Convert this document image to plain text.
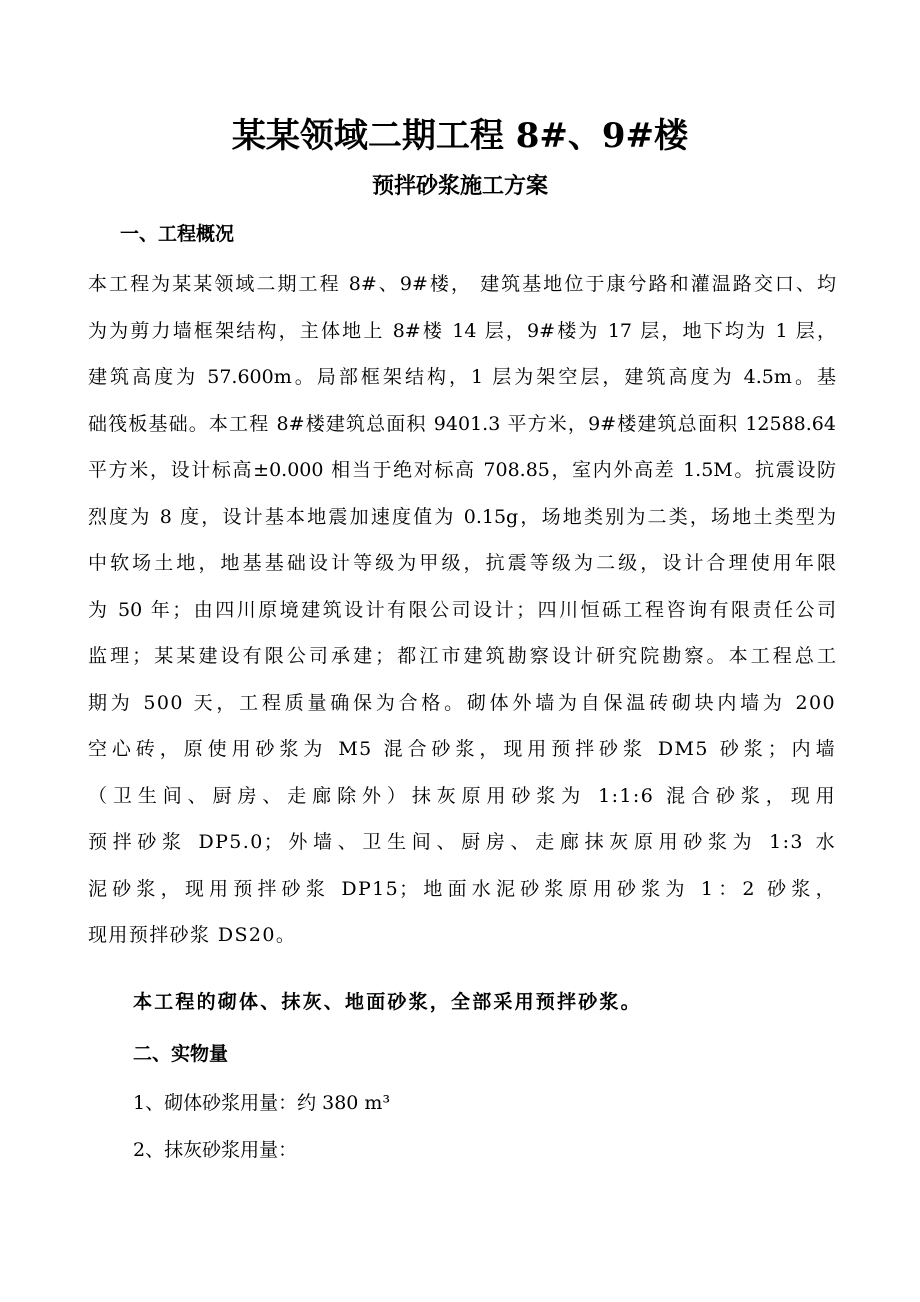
某某领域二期工程 8#、9#楼
预拌砂浆施工方案
一、工程概况
本工程为某某领域二期工程 8#、9#楼， 建筑基地位于康兮路和灌温路交口、均
为为剪力墙框架结构，主体地上 8#楼 14 层，9#楼为 17 层，地下均为 1 层，
建筑高度为 57.600m。局部框架结构，1 层为架空层，建筑高度为 4.5m。基
础筏板基础。本工程 8#楼建筑总面积 9401.3 平方米，9#楼建筑总面积 12588.64
平方米，设计标高±0.000 相当于绝对标高 708.85，室内外高差 1.5M。抗震设防
烈度为 8 度，设计基本地震加速度值为 0.15g，场地类别为二类，场地土类型为
中软场土地，地基基础设计等级为甲级，抗震等级为二级，设计合理使用年限
为 50 年；由四川原境建筑设计有限公司设计；四川恒砾工程咨询有限责任公司
监理；某某建设有限公司承建；都江市建筑勘察设计研究院勘察。本工程总工
期为 500 天，工程质量确保为合格。砌体外墙为自保温砖砌块内墙为 200
空心砖，原使用砂浆为 M5 混合砂浆，现用预拌砂浆 DM5 砂浆；内墙
（卫生间、厨房、走廊除外）抹灰原用砂浆为 1:1:6 混合砂浆，现用
预拌砂浆 DP5.0；外墙、卫生间、厨房、走廊抹灰原用砂浆为 1:3 水
泥砂浆，现用预拌砂浆 DP15；地面水泥砂浆原用砂浆为 1：2 砂浆，
现用预拌砂浆 DS20。
本工程的砌体、抹灰、地面砂浆，全部采用预拌砂浆。
二、实物量
1、砌体砂浆用量：约 380 m³
2、抹灰砂浆用量：
